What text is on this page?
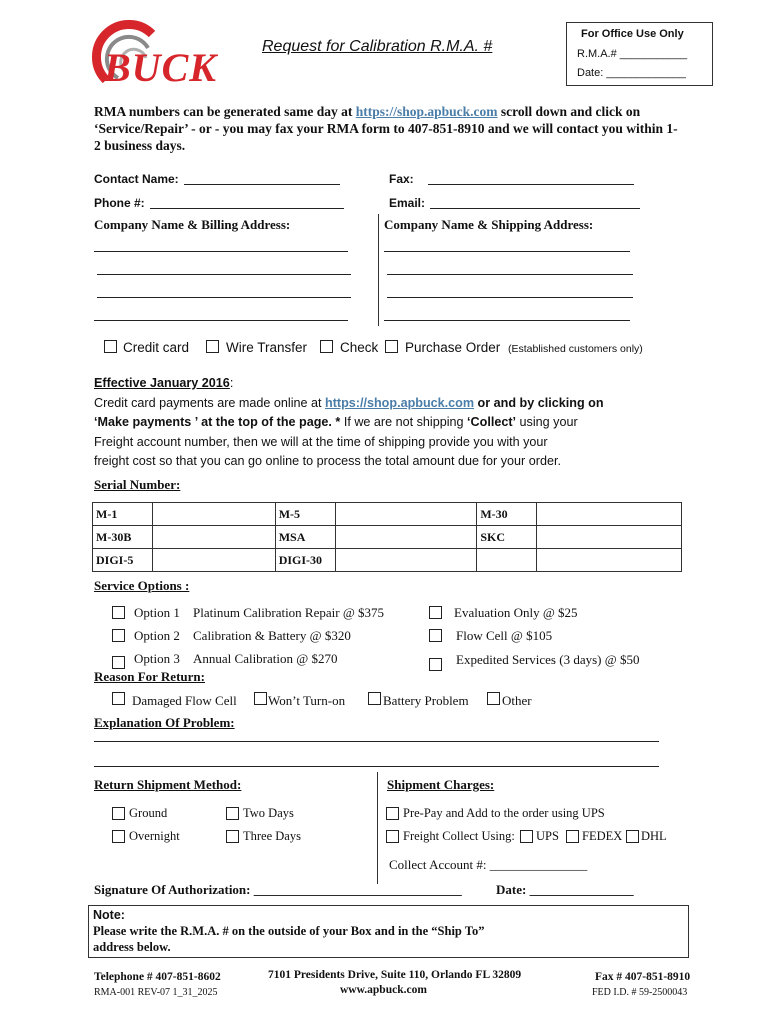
BUCK	Request for Calibration R.M.A. #
For Office Use Only
R.M.A.# ___________
Date: _____________
RMA numbers can be generated same day at https://shop.apbuck.com scroll down and click on ‘Service/Repair’ - or - you may fax your RMA form to 407-851-8910 and we will contact you within 1-2 business days.
Contact Name:	Fax:
Phone #:	Email:
Company Name & Billing Address:	Company Name & Shipping Address:
Credit card	Wire Transfer Check Purchase Order (Established customers only)
Effective January 2016:
Credit card payments are made online at https://shop.apbuck.com or and by clicking on
‘Make payments ’ at the top of the page. * If we are not shipping ‘Collect’ using your
Freight account number, then we will at the time of shipping provide you with your
freight cost so that you can go online to process the total amount due for your order.
Serial Number:
M-1		M-5		M-30	
M-30B		MSA		SKC	
DIGI-5		DIGI-30			
Service Options :
Option 1 Platinum Calibration Repair @ $375
Option 2 Calibration & Battery @ $320
Option 3 Annual Calibration @ $270
Evaluation Only @ $25
Flow Cell @ $105
Expedited Services (3 days) @ $50
Reason For Return:
Damaged Flow Cell Won’t Turn-on	Battery Problem	Other
Explanation Of Problem:
Return Shipment Method:
Ground	Two Days
Overnight	Three Days
Shipment Charges:
Pre-Pay and Add to the order using UPS
Freight Collect Using: UPS FEDEX DHL
Collect Account #: _______________
Signature Of Authorization: ________________________________	Date: ________________
Note:
Please write the R.M.A. # on the outside of your Box and in the “Ship To”
address below.
Telephone # 407-851-8602
RMA-001 REV-07 1_31_2025
7101 Presidents Drive, Suite 110, Orlando FL 32809
www.apbuck.com
Fax # 407-851-8910
FED I.D. # 59-2500043
